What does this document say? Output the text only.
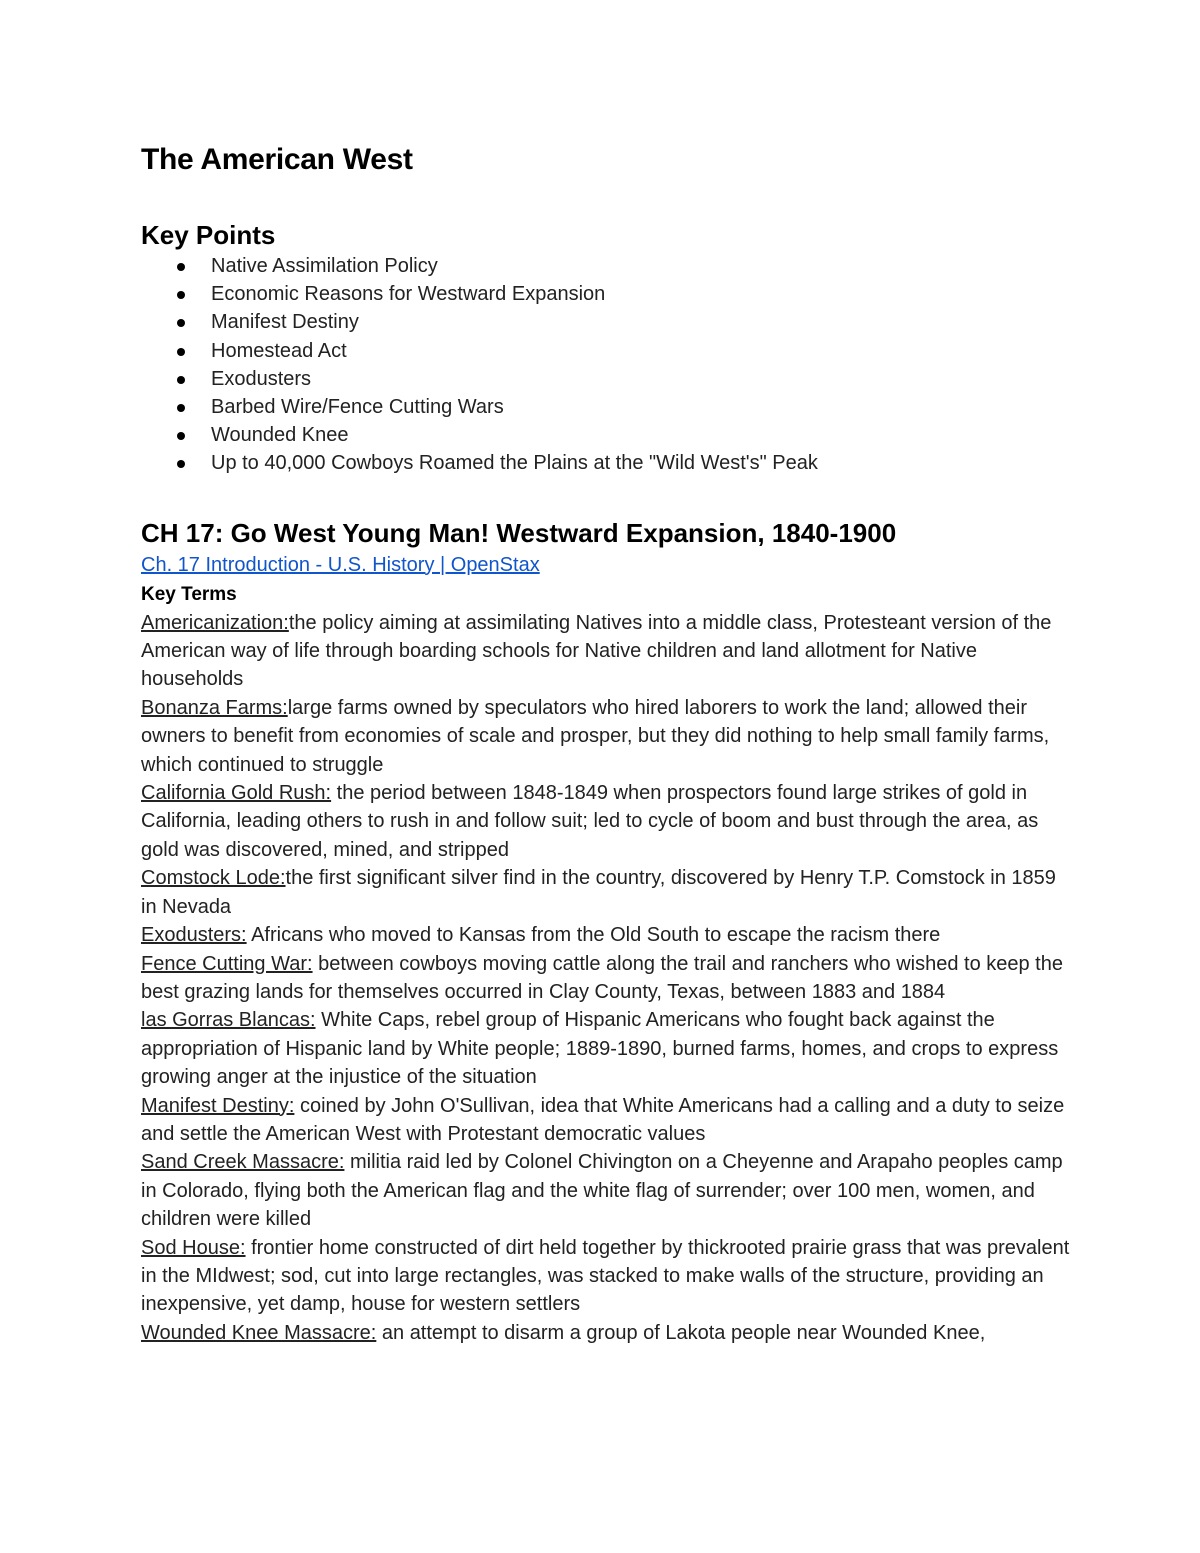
The American West
Key Points
Native Assimilation Policy
Economic Reasons for Westward Expansion
Manifest Destiny
Homestead Act
Exodusters
Barbed Wire/Fence Cutting Wars
Wounded Knee
Up to 40,000 Cowboys Roamed the Plains at the "Wild West's" Peak
CH 17: Go West Young Man! Westward Expansion, 1840-1900
Ch. 17 Introduction - U.S. History | OpenStax
Key Terms

Americanization:the policy aiming at assimilating Natives into a middle class, Protesteant version of the American way of life through boarding schools for Native children and land allotment for Native households

Bonanza Farms:large farms owned by speculators who hired laborers to work the land; allowed their owners to benefit from economies of scale and prosper, but they did nothing to help small family farms, which continued to struggle

California Gold Rush: the period between 1848-1849 when prospectors found large strikes of gold in California, leading others to rush in and follow suit; led to cycle of boom and bust through the area, as gold was discovered, mined, and stripped

Comstock Lode:the first significant silver find in the country, discovered by Henry T.P. Comstock in 1859 in Nevada

Exodusters: Africans who moved to Kansas from the Old South to escape the racism there

Fence Cutting War: between cowboys moving cattle along the trail and ranchers who wished to keep the best grazing lands for themselves occurred in Clay County, Texas, between 1883 and 1884

las Gorras Blancas: White Caps, rebel group of Hispanic Americans who fought back against the appropriation of Hispanic land by White people; 1889-1890, burned farms, homes, and crops to express growing anger at the injustice of the situation

Manifest Destiny: coined by John O'Sullivan, idea that White Americans had a calling and a duty to seize and settle the American West with Protestant democratic values

Sand Creek Massacre: militia raid led by Colonel Chivington on a Cheyenne and Arapaho peoples camp in Colorado, flying both the American flag and the white flag of surrender; over 100 men, women, and children were killed

Sod House: frontier home constructed of dirt held together by thickrooted prairie grass that was prevalent in the MIdwest; sod, cut into large rectangles, was stacked to make walls of the structure, providing an inexpensive, yet damp, house for western settlers

Wounded Knee Massacre: an attempt to disarm a group of Lakota people near Wounded Knee,
